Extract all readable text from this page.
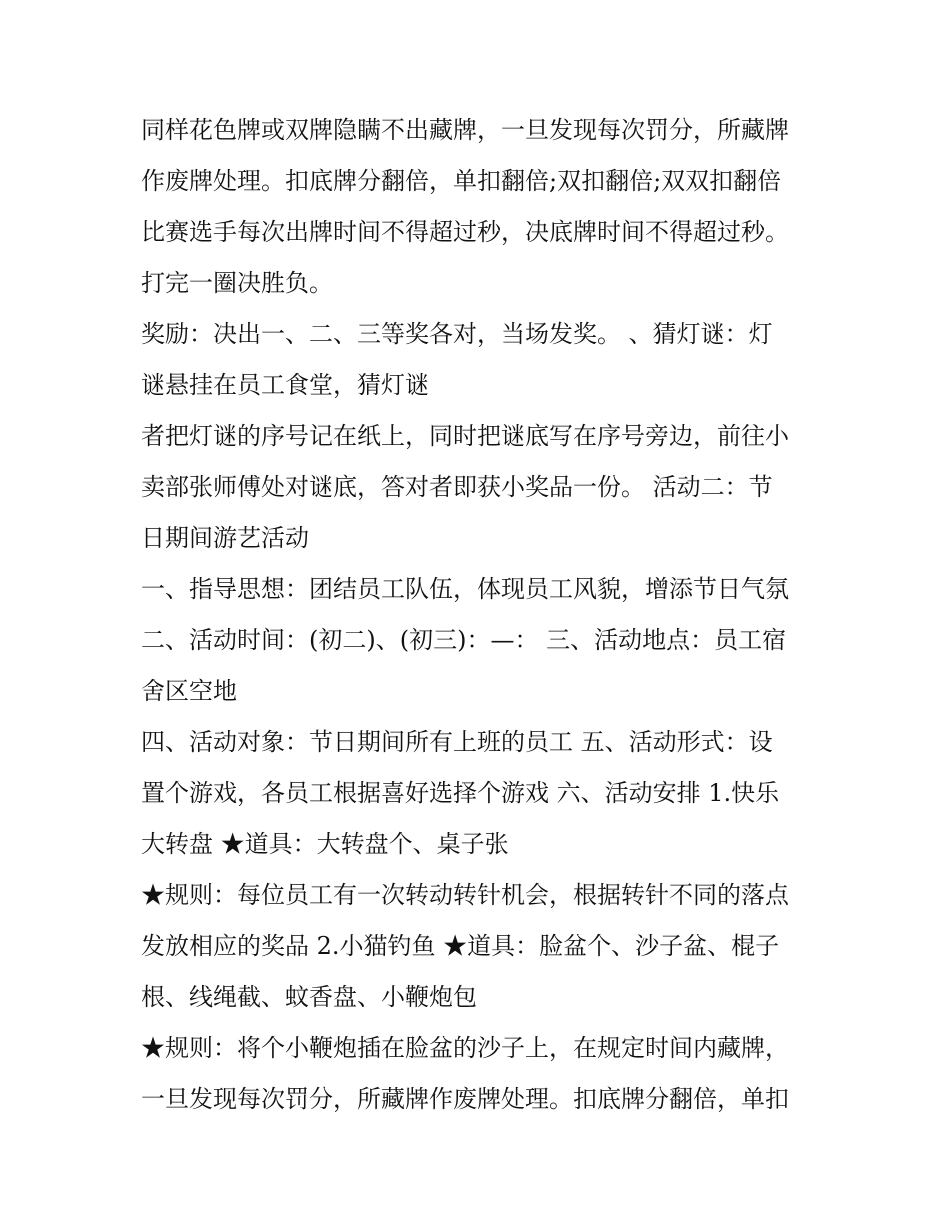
同样花色牌或双牌隐瞒不出藏牌，一旦发现每次罚分，所藏牌
作废牌处理。扣底牌分翻倍，单扣翻倍;双扣翻倍;双双扣翻倍
比赛选手每次出牌时间不得超过秒，决底牌时间不得超过秒。
打完一圈决胜负。
奖励：决出一、二、三等奖各对，当场发奖。 、猜灯谜：灯
谜悬挂在员工食堂，猜灯谜
者把灯谜的序号记在纸上，同时把谜底写在序号旁边，前往小
卖部张师傅处对谜底，答对者即获小奖品一份。 活动二：节
日期间游艺活动
一、指导思想：团结员工队伍，体现员工风貌，增添节日气氛
二、活动时间：(初二)、(初三)：—： 三、活动地点：员工宿
舍区空地
四、活动对象：节日期间所有上班的员工 五、活动形式：设
置个游戏，各员工根据喜好选择个游戏 六、活动安排 1.快乐
大转盘 ★道具：大转盘个、桌子张
★规则：每位员工有一次转动转针机会，根据转针不同的落点
发放相应的奖品 2.小猫钓鱼 ★道具：脸盆个、沙子盆、棍子
根、线绳截、蚊香盘、小鞭炮包
★规则：将个小鞭炮插在脸盆的沙子上，在规定时间内藏牌，
一旦发现每次罚分，所藏牌作废牌处理。扣底牌分翻倍，单扣
